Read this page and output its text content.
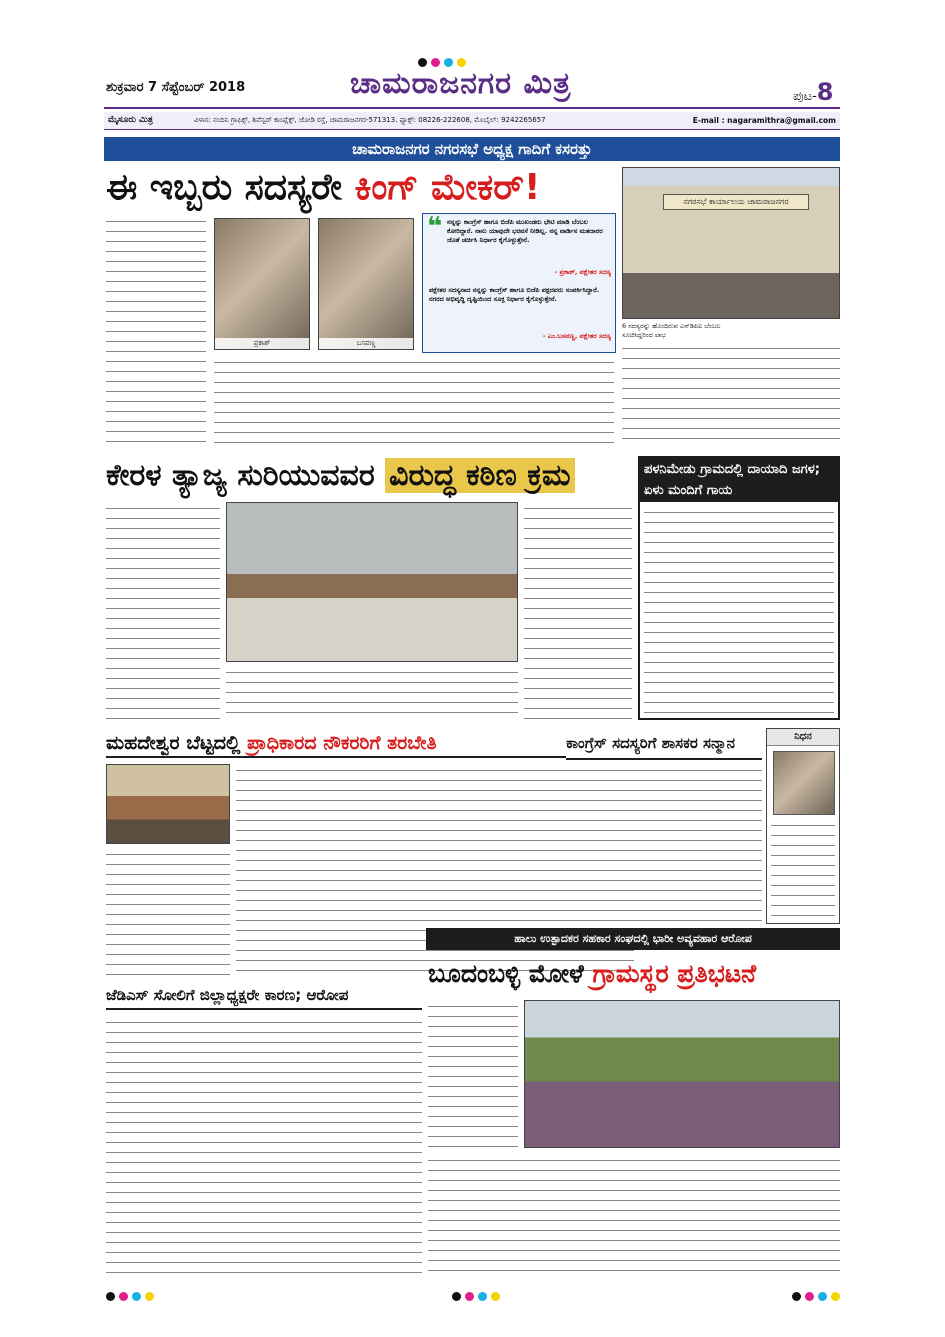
ಶುಕ್ರವಾರ 7 ಸೆಪ್ಟೆಂಬರ್ 2018	ಚಾಮರಾಜನಗರ ಮಿತ್ರ	ಪುಟ-8
ಮೈಸೂರು ಮಿತ್ರ	ವಿಳಾಸ: ನಂದಿನಿ ಗ್ರಾಫಿಕ್ಸ್, ಶಿವೆಸ್ವರ್ ಕಾಂಪ್ಲೆಕ್ಸ್, ಜೋಡಿ ರಸ್ತೆ, ಚಾಮರಾಜನಗರ-571313. ಫ್ಯಾಕ್ಸ್: 08226-222608, ಮೊಬೈಲ್: 9242265657	E-mail : nagaramithra@gmail.com
ಚಾಮರಾಜನಗರ ನಗರಸಭೆ ಅಧ್ಯಕ್ಷ ಗಾದಿಗೆ ಕಸರತ್ತು
ಈ ಇಬ್ಬರು ಸದಸ್ಯರೇ ಕಿಂಗ್ ಮೇಕರ್!
ಪ್ರಕಾಶ್	ಬಸವಣ್ಣ
❝ ನನ್ನನ್ನು ಕಾಂಗ್ರೆಸ್ ಹಾಗೂ ಬಿಜೆಪಿ ಮುಖಂಡರು ಭೇಟಿ ಮಾಡಿ ಬೆಂಬಲ ಕೋರಿದ್ದಾರೆ. ನಾನು ಯಾವುದೇ ಭರವಸೆ ನೀಡಿಲ್ಲ. ನನ್ನ ವಾರ್ಡಿನ ಮತದಾರರ ಜೊತೆ ಚರ್ಚಿಸಿ ನಿರ್ಧಾರ ಕೈಗೊಳ್ಳುತ್ತೇನೆ.
- ಪ್ರಕಾಶ್, ಪಕ್ಷೇತರ ಸದಸ್ಯ
ಪಕ್ಷೇತರ ಸದಸ್ಯನಾದ ನನ್ನನ್ನು ಕಾಂಗ್ರೆಸ್ ಹಾಗೂ ಬಿಜೆಪಿ ಪಕ್ಷದವರು ಸಂಪರ್ಕಿಸಿದ್ದಾರೆ. ನಗರದ ಅಭಿವೃದ್ಧಿ ದೃಷ್ಟಿಯಿಂದ ಸೂಕ್ತ ನಿರ್ಧಾರ ಕೈಗೊಳ್ಳುತ್ತೇನೆ.
- ಎಂ.ಬಸವಣ್ಣ, ಪಕ್ಷೇತರ ಸದಸ್ಯ
ನಗರಸಭೆ ಕಾರ್ಯಾಲಯ ಚಾಮರಾಜನಗರ
6 ಸದಸ್ಯರನ್ನು ಹೊಂದಿರುವ ಎಸ್‌ಡಿಪಿಐ ಬೆಂಬಲ ಸೂಚಿಸಿದ್ದರಿಂದ ಲಾಭ
ಕೇರಳ ತ್ಯಾಜ್ಯ ಸುರಿಯುವವರ ವಿರುದ್ಧ ಕಠಿಣ ಕ್ರಮ	ಪಳನಿಮೇಡು ಗ್ರಾಮದಲ್ಲಿ ದಾಯಾದಿ ಜಗಳ; ಏಳು ಮಂದಿಗೆ ಗಾಯ
ಮಹದೇಶ್ವರ ಬೆಟ್ಟದಲ್ಲಿ ಪ್ರಾಧಿಕಾರದ ನೌಕರರಿಗೆ ತರಬೇತಿ	ಕಾಂಗ್ರೆಸ್ ಸದಸ್ಯರಿಗೆ ಶಾಸಕರ ಸನ್ಮಾನ	ನಿಧನ
ಜೆಡಿಎಸ್ ಸೋಲಿಗೆ ಜಿಲ್ಲಾಧ್ಯಕ್ಷರೇ ಕಾರಣ; ಆರೋಪ
ಹಾಲು ಉತ್ಪಾದಕರ ಸಹಕಾರ ಸಂಘದಲ್ಲಿ ಭಾರೀ ಅವ್ಯವಹಾರ ಆರೋಪ
ಬೂದಂಬಳ್ಳಿ ಮೋಳೆ ಗ್ರಾಮಸ್ಥರ ಪ್ರತಿಭಟನೆ
